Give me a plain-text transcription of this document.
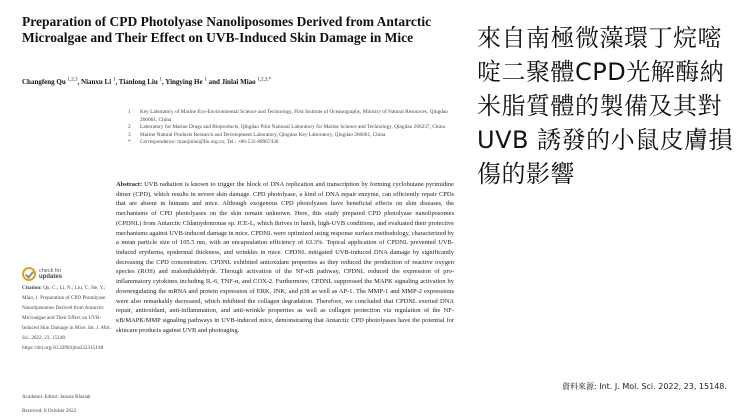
Preparation of CPD Photolyase Nanoliposomes Derived from Antarctic Microalgae and Their Effect on UVB-Induced Skin Damage in Mice
Changfeng Qu $^{1,2,3}$, Nianxu Li $^1$, Tianlong Liu $^1$, Yingying He $^1$ and Jinlai Miao $^{1,2,3,*}$
1 Key Laboratory of Marine Eco-Environmental Science and Technology, First Institute of Oceanography, Ministry of Natural Resources, Qingdao 266061, China
2 Laboratory for Marine Drugs and Bioproducts, Qingdao Pilot National Laboratory for Marine Science and Technology, Qingdao 266237, China
3 Marine Natural Products Research and Development Laboratory, Qingdao Key Laboratory, Qingdao 266061, China
* Correspondence: miaojinlai@fio.org.cn; Tel.: +86-532-88967430
Abstract: UVB radiation is known to trigger the block of DNA replication and transcription by forming cyclobutane pyrimidine dimer (CPD), which results in severe skin damage. CPD photolyase, a kind of DNA repair enzyme, can efficiently repair CPDs that are absent in humans and mice. Although exogenous CPD photolyases have beneficial effects on skin diseases, the mechanisms of CPD photolyases on the skin remain unknown. Here, this study prepared CPD photolyase nanoliposomes (CPDNL) from Antarctic Chlamydomonas sp. ICE-L, which thrives in harsh, high-UVB conditions, and evaluated their protective mechanisms against UVB-induced damage in mice. CPDNL were optimized using response surface methodology, characterized by a mean particle size of 105.5 nm, with an encapsulation efficiency of 63.3%. Topical application of CPDNL prevented UVB-induced erythema, epidermal thickness, and wrinkles in mice. CPDNL mitigated UVB-induced DNA damage by significantly decreasing the CPD concentration. CPDNL exhibited antioxidant properties as they reduced the production of reactive oxygen species (ROS) and malondialdehyde. Through activation of the NF-κB pathway, CPDNL reduced the expression of pro-inflammatory cytokines including IL-6, TNF-α, and COX-2. Furthermore, CPDNL suppressed the MAPK signaling activation by downregulating the mRNA and protein expression of ERK, JNK, and p38 as well as AP-1. The MMP-1 and MMP-2 expressions were also remarkably decreased, which inhibited the collagen degradation. Therefore, we concluded that CPDNL exerted DNA repair, antioxidant, anti-inflammation, and anti-wrinkle properties as well as collagen protection via regulation of the NF-κB/MAPK/MMP signaling pathways in UVB-induced mice, demonstrating that Antarctic CPD photolyases have the potential for skincare products against UVB and photoaging.
check for
updates
Citation: Qu, C.; Li, N.; Liu, T.; He, Y.; Miao, J. Preparation of CPD Photolyase Nanoliposomes Derived from Antarctic Microalgae and Their Effect on UVB-Induced Skin Damage in Mice. Int. J. Mol. Sci. 2022, 23, 15148. https://doi.org/10.3390/ijms232315148
Academic Editor: Janusz Blasiak
Received: 8 October 2022
來自南極微藻環丁烷嘧啶二聚體CPD光解酶納米脂質體的製備及其對UVB 誘發的小鼠皮膚損傷的影響
資料來源: Int. J. Mol. Sci. 2022, 23, 15148.
